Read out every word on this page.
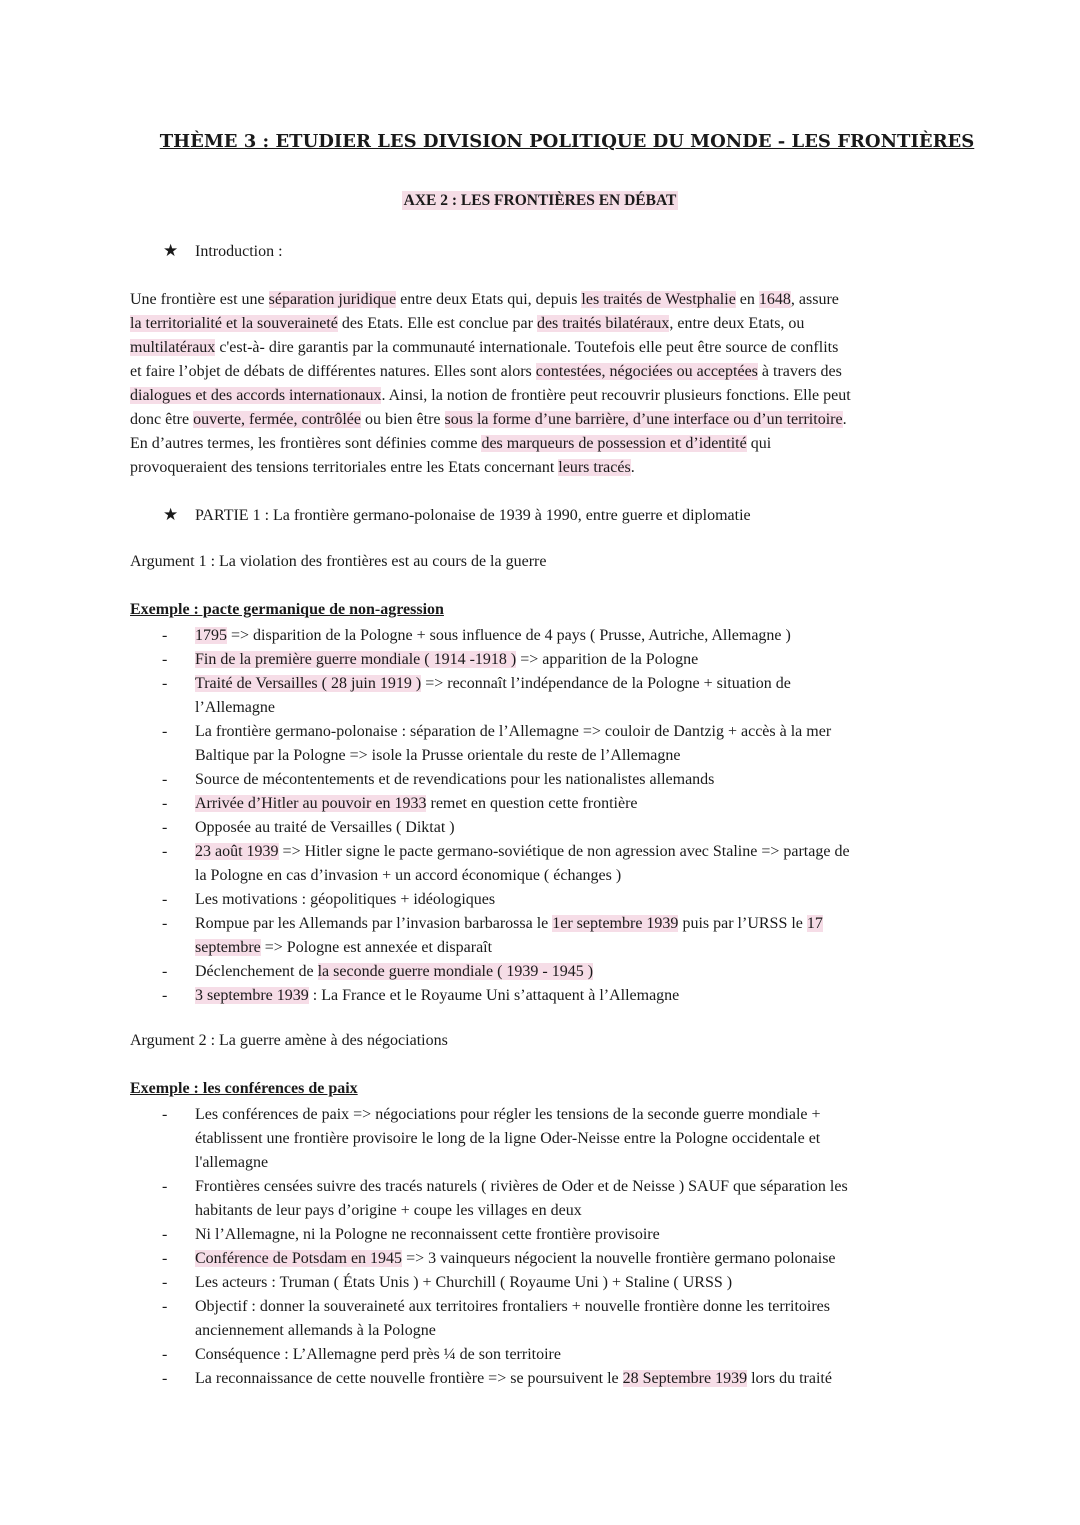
THÈME 3 : ETUDIER LES DIVISION POLITIQUE DU MONDE - LES FRONTIÈRES
AXE 2 : LES FRONTIÈRES EN DÉBAT
★ Introduction :
Une frontière est une séparation juridique entre deux Etats qui, depuis les traités de Westphalie en 1648, assure
la territorialité et la souveraineté des Etats. Elle est conclue par des traités bilatéraux, entre deux Etats, ou
multilatéraux c'est-à- dire garantis par la communauté internationale. Toutefois elle peut être source de conflits
et faire l’objet de débats de différentes natures. Elles sont alors contestées, négociées ou acceptées à travers des
dialogues et des accords internationaux. Ainsi, la notion de frontière peut recouvrir plusieurs fonctions. Elle peut
donc être ouverte, fermée, contrôlée ou bien être sous la forme d’une barrière, d’une interface ou d’un territoire.
En d’autres termes, les frontières sont définies comme des marqueurs de possession et d’identité qui
provoqueraient des tensions territoriales entre les Etats concernant leurs tracés.
★ PARTIE 1 : La frontière germano-polonaise de 1939 à 1990, entre guerre et diplomatie
Argument 1 : La violation des frontières est au cours de la guerre
Exemple : pacte germanique de non-agression
- 1795 => disparition de la Pologne + sous influence de 4 pays ( Prusse, Autriche, Allemagne )
- Fin de la première guerre mondiale ( 1914 -1918 ) => apparition de la Pologne
- Traité de Versailles ( 28 juin 1919 ) => reconnaît l’indépendance de la Pologne + situation de
l’Allemagne
- La frontière germano-polonaise : séparation de l’Allemagne => couloir de Dantzig + accès à la mer
Baltique par la Pologne => isole la Prusse orientale du reste de l’Allemagne
- Source de mécontentements et de revendications pour les nationalistes allemands
- Arrivée d’Hitler au pouvoir en 1933 remet en question cette frontière
- Opposée au traité de Versailles ( Diktat )
- 23 août 1939 => Hitler signe le pacte germano-soviétique de non agression avec Staline => partage de
la Pologne en cas d’invasion + un accord économique ( échanges )
- Les motivations : géopolitiques + idéologiques
- Rompue par les Allemands par l’invasion barbarossa le 1er septembre 1939 puis par l’URSS le 17
septembre => Pologne est annexée et disparaît
- Déclenchement de la seconde guerre mondiale ( 1939 - 1945 )
- 3 septembre 1939 : La France et le Royaume Uni s’attaquent à l’Allemagne
Argument 2 : La guerre amène à des négociations
Exemple : les conférences de paix
- Les conférences de paix => négociations pour régler les tensions de la seconde guerre mondiale +
établissent une frontière provisoire le long de la ligne Oder-Neisse entre la Pologne occidentale et
l'allemagne
- Frontières censées suivre des tracés naturels ( rivières de Oder et de Neisse ) SAUF que séparation les
habitants de leur pays d’origine + coupe les villages en deux
- Ni l’Allemagne, ni la Pologne ne reconnaissent cette frontière provisoire
- Conférence de Potsdam en 1945 => 3 vainqueurs négocient la nouvelle frontière germano polonaise
- Les acteurs : Truman ( États Unis ) + Churchill ( Royaume Uni ) + Staline ( URSS )
- Objectif : donner la souveraineté aux territoires frontaliers + nouvelle frontière donne les territoires
anciennement allemands à la Pologne
- Conséquence : L’Allemagne perd près ¼ de son territoire
- La reconnaissance de cette nouvelle frontière => se poursuivent le 28 Septembre 1939 lors du traité
